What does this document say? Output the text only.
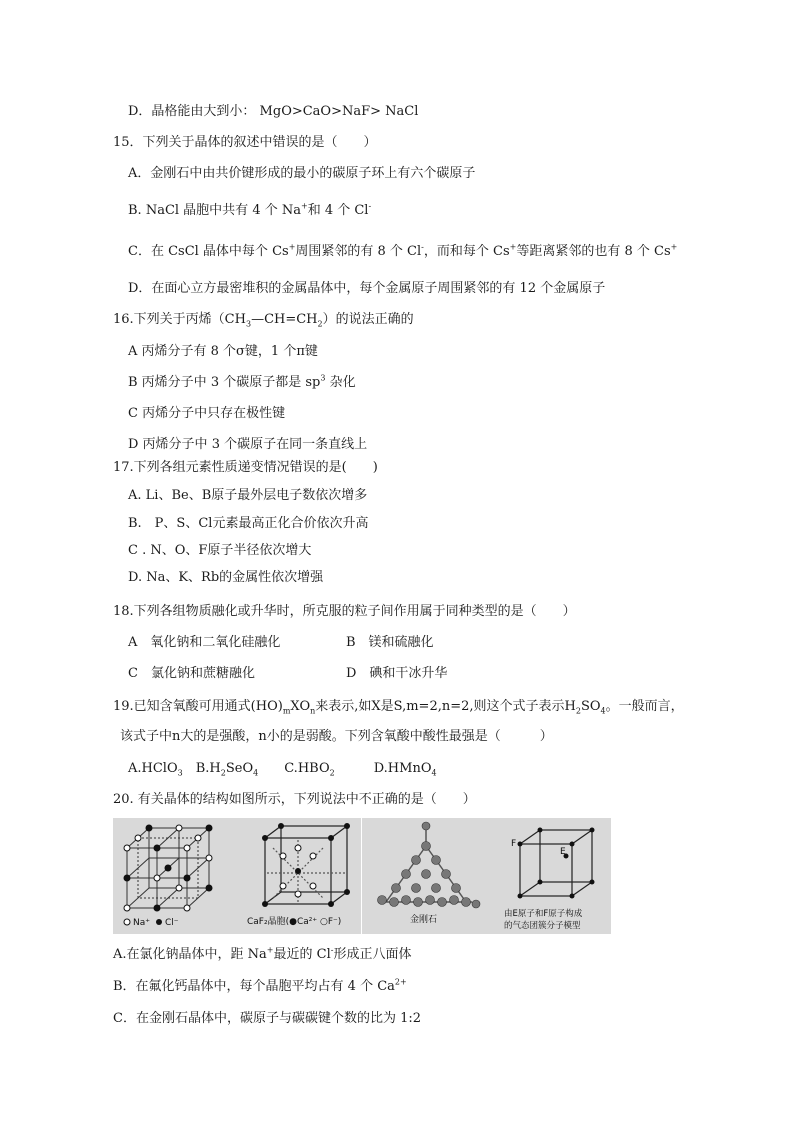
D．晶格能由大到小： MgO>CaO>NaF> NaCl
15．下列关于晶体的叙述中错误的是（　　）
A．金刚石中由共价键形成的最小的碳原子环上有六个碳原子
B. NaCl 晶胞中共有 4 个 Na+和 4 个 Cl-
C．在 CsCl 晶体中每个 Cs+周围紧邻的有 8 个 Cl-，而和每个 Cs+等距离紧邻的也有 8 个 Cs+
D．在面心立方最密堆积的金属晶体中，每个金属原子周围紧邻的有 12 个金属原子
16.下列关于丙烯$(CH_3—CH=CH_2)$的说法正确的
A 丙烯分子有 8 个σ键，1 个π键
B 丙烯分子中 3 个碳原子都是 $sp^3$ 杂化
C 丙烯分子中只存在极性键
D 丙烯分子中 3 个碳原子在同一条直线上
17.下列各组元素性质递变情况错误的是(　　)
A. Li、Be、B原子最外层电子数依次增多
B.　P、S、Cl元素最高正化合价依次升高
C . N、O、F原子半径依次增大
D. Na、K、Rb的金属性依次增强
18.下列各组物质融化或升华时，所克服的粒子间作用属于同种类型的是（　　）
A　氧化钠和二氧化硅融化	B　镁和硫融化
C　氯化钠和蔗糖融化	D　碘和干冰升华
19.已知含氧酸可用通式$(HO)_mXO_n$来表示,如X是S,m=2,n=2,则这个式子表示$H_2SO_4$。一般而言，
该式子中n大的是强酸，n小的是弱酸。下列含氧酸中酸性最强是（　　　）
A.HClO$_3$　$B.H_2SeO_4$　　$C.HBO_2$　　　D.HMnO$_4$
20. 有关晶体的结构如图所示，下列说法中不正确的是（　　）
Na⁺ Cl⁻	CaF₂晶胞(●Ca²⁺ ○F⁻)	金刚石
F
E
由E原子和F原子构成
的气态团簇分子模型
A.在氯化钠晶体中，距 Na+最近的 Cl-形成正八面体
B．在氟化钙晶体中，每个晶胞平均占有 4 个 $Ca^{2+}$
C．在金刚石晶体中，碳原子与碳碳键个数的比为 1:2
